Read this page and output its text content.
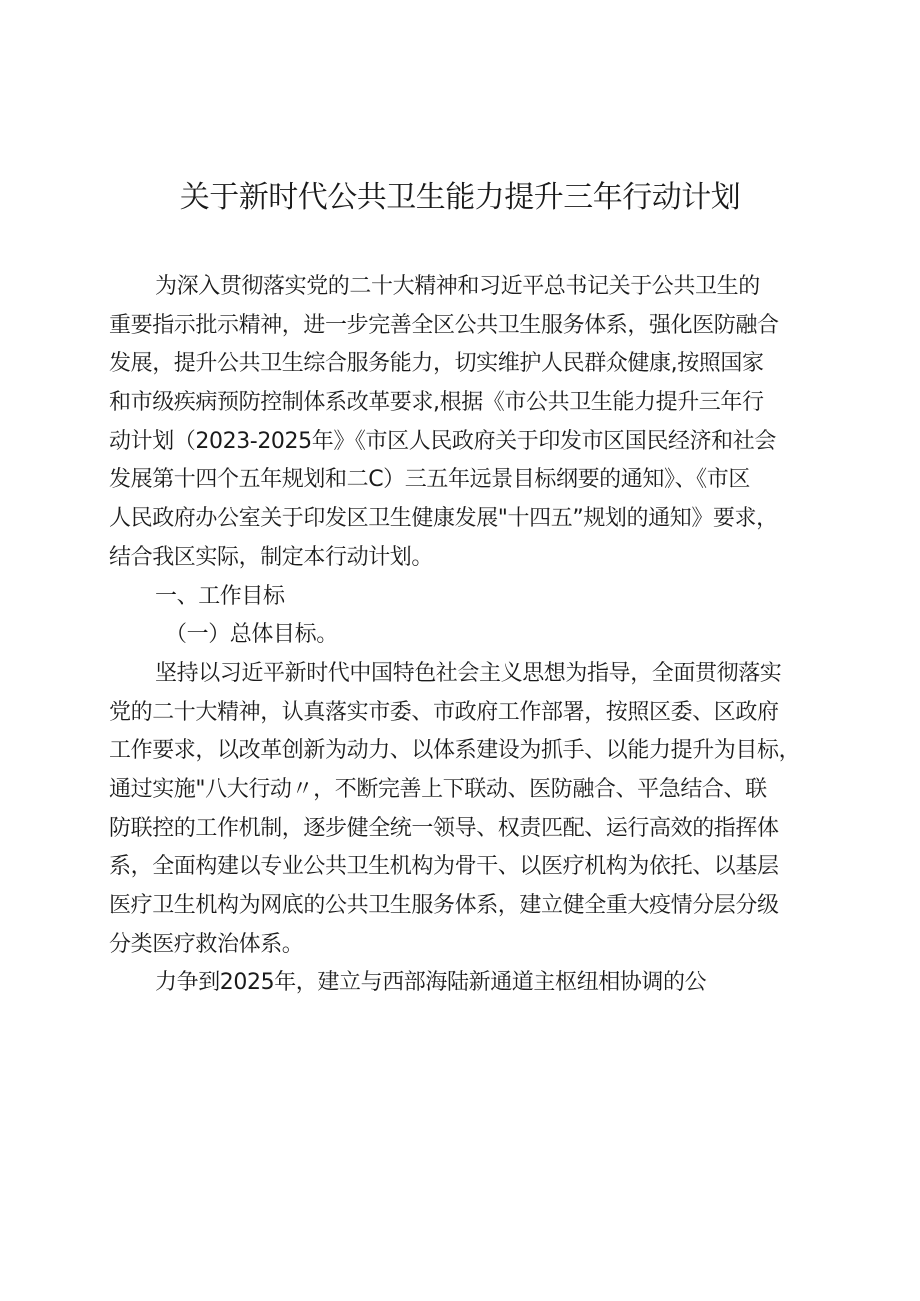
关于新时代公共卫生能力提升三年行动计划
为深入贯彻落实党的二十大精神和习近平总书记关于公共卫生的
重要指示批示精神，进一步完善全区公共卫生服务体系，强化医防融合
发展，提升公共卫生综合服务能力，切实维护人民群众健康,按照国家
和市级疾病预防控制体系改革要求,根据《市公共卫生能力提升三年行
动计划（2023-2025年》《市区人民政府关于印发市区国民经济和社会
发展第十四个五年规划和二C）三五年远景目标纲要的通知》、《市区
人民政府办公室关于印发区卫生健康发展"十四五”规划的通知》要求，
结合我区实际，制定本行动计划。
一、工作目标
（一）总体目标。
坚持以习近平新时代中国特色社会主义思想为指导，全面贯彻落实
党的二十大精神，认真落实市委、市政府工作部署，按照区委、区政府
工作要求，以改革创新为动力、以体系建设为抓手、以能力提升为目标，
通过实施"八大行动〃，不断完善上下联动、医防融合、平急结合、联
防联控的工作机制，逐步健全统一领导、权责匹配、运行高效的指挥体
系，全面构建以专业公共卫生机构为骨干、以医疗机构为依托、以基层
医疗卫生机构为网底的公共卫生服务体系，建立健全重大疫情分层分级
分类医疗救治体系。
力争到2025年，建立与西部海陆新通道主枢纽相协调的公
